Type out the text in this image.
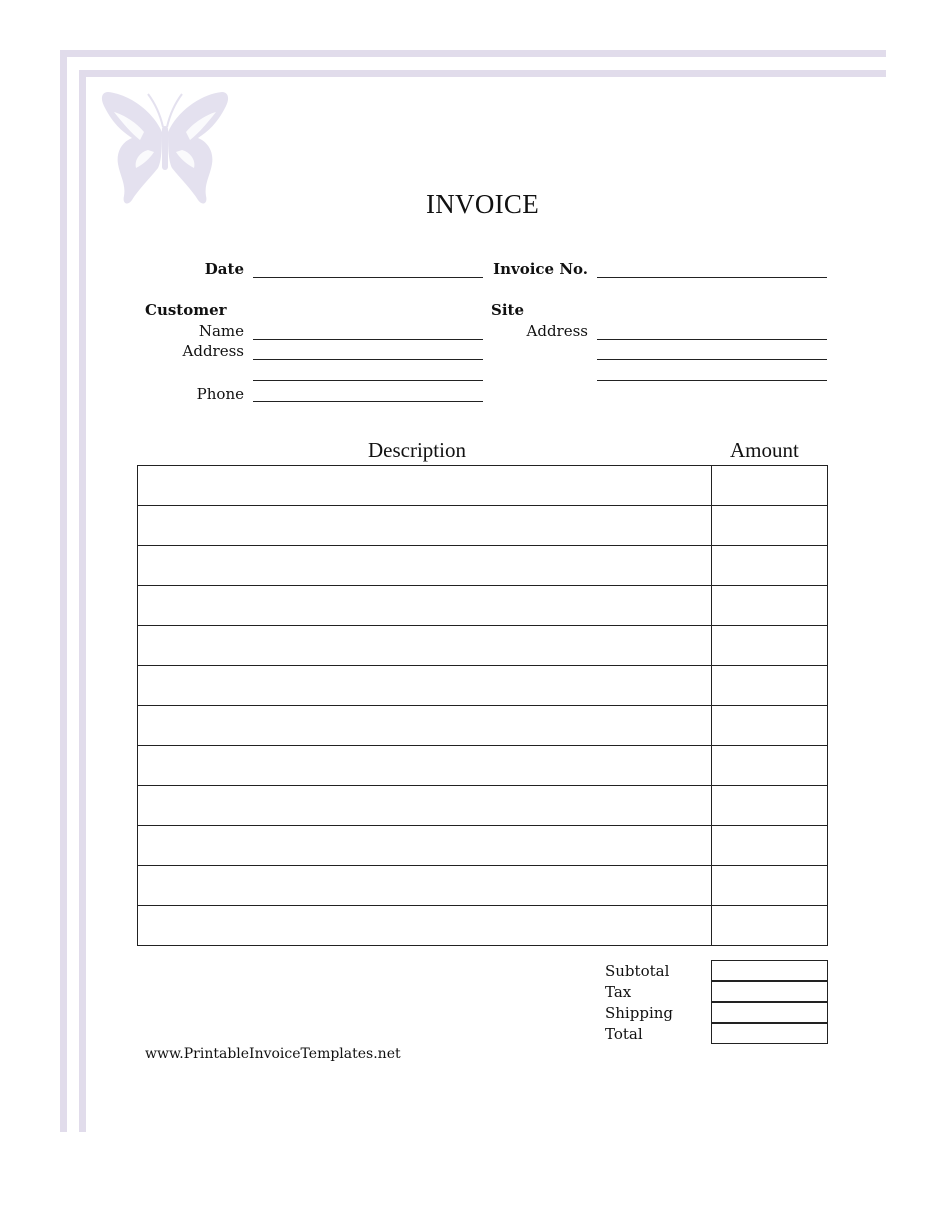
INVOICE
Date	Invoice No.
Customer
Name
Address
Phone
Site
Address
Description	Amount

Subtotal
Tax
Shipping
Total
www.PrintableInvoiceTemplates.net
